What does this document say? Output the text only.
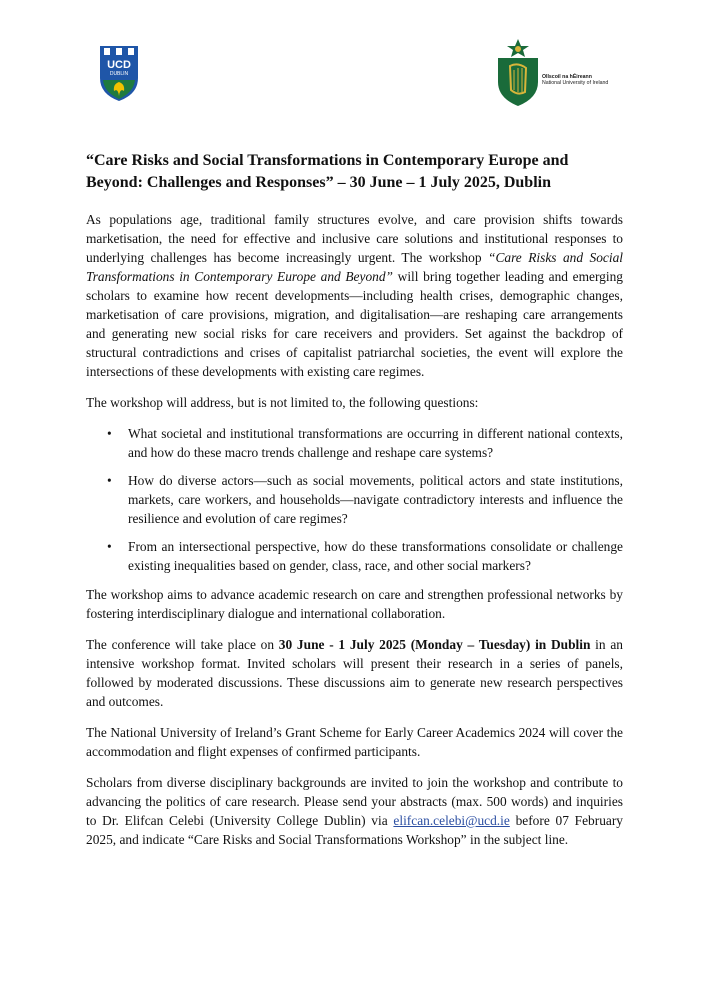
UCD
DUBLIN	Ollscoil na hÉireann
National University of Ireland
“Care Risks and Social Transformations in Contemporary Europe and Beyond: Challenges and Responses” – 30 June – 1 July 2025, Dublin

As populations age, traditional family structures evolve, and care provision shifts towards marketisation, the need for effective and inclusive care solutions and institutional responses to underlying challenges has become increasingly urgent. The workshop “Care Risks and Social Transformations in Contemporary Europe and Beyond” will bring together leading and emerging scholars to examine how recent developments—including health crises, demographic changes, marketisation of care provisions, migration, and digitalisation—are reshaping care arrangements and generating new social risks for care receivers and providers. Set against the backdrop of structural contradictions and crises of capitalist patriarchal societies, the event will explore the intersections of these developments with existing care regimes.

The workshop will address, but is not limited to, the following questions:

• What societal and institutional transformations are occurring in different national contexts, and how do these macro trends challenge and reshape care systems?
• How do diverse actors—such as social movements, political actors and state institutions, markets, care workers, and households—navigate contradictory interests and influence the resilience and evolution of care regimes?
• From an intersectional perspective, how do these transformations consolidate or challenge existing inequalities based on gender, class, race, and other social markers?

The workshop aims to advance academic research on care and strengthen professional networks by fostering interdisciplinary dialogue and international collaboration.

The conference will take place on 30 June - 1 July 2025 (Monday – Tuesday) in Dublin in an intensive workshop format. Invited scholars will present their research in a series of panels, followed by moderated discussions. These discussions aim to generate new research perspectives and outcomes.

The National University of Ireland’s Grant Scheme for Early Career Academics 2024 will cover the accommodation and flight expenses of confirmed participants.

Scholars from diverse disciplinary backgrounds are invited to join the workshop and contribute to advancing the politics of care research. Please send your abstracts (max. 500 words) and inquiries to Dr. Elifcan Celebi (University College Dublin) via elifcan.celebi@ucd.ie before 07 February 2025, and indicate “Care Risks and Social Transformations Workshop” in the subject line.
